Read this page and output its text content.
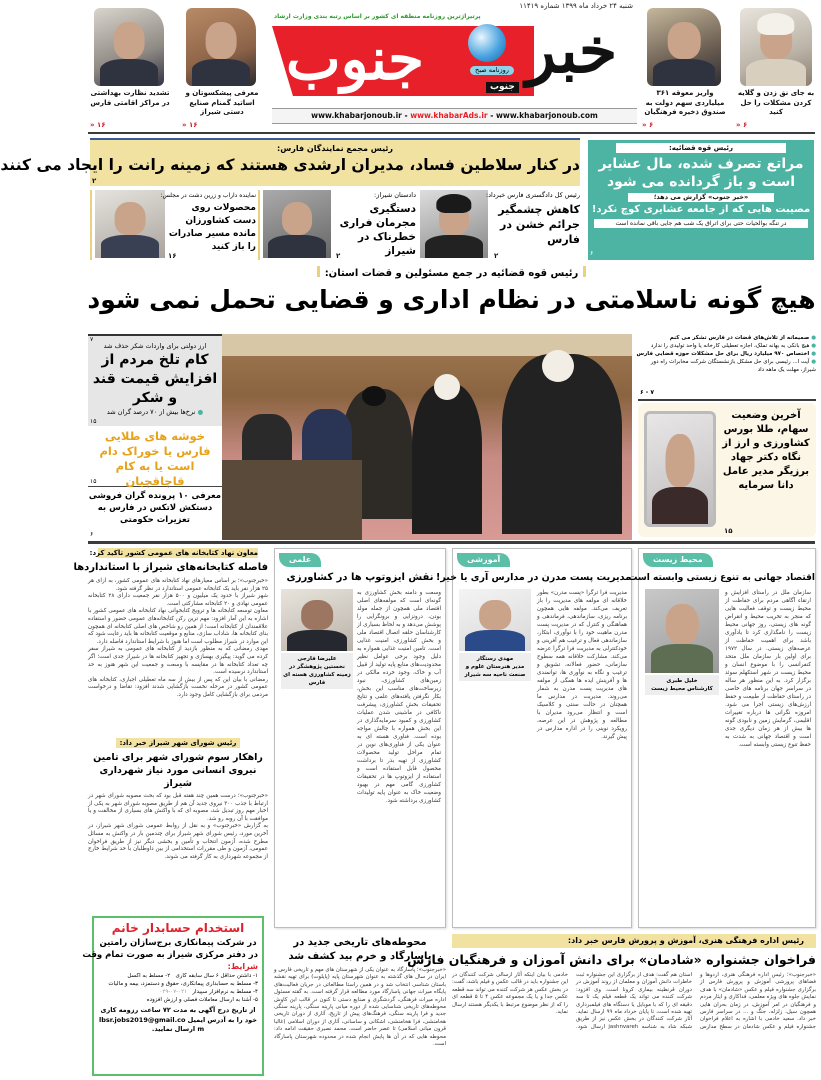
تشدید نظارت بهداشتی در مراکز اقامتی فارس
۱۶ «
معرفی پیشکسوتان و اساتید گمنام صنایع دستی شیراز
۱۶ «
واریز معوقه ۳۶۱ میلیاردی سهم دولت به صندوق ذخیره فرهنگیان
۶ «
به جای نق زدن و گلایه کردن مشکلات را حل کنید
۶ «
شنبه ۲۴ خرداد ماه ۱۳۹۹ شماره ۱۱۴۱۹
پرتیراژترین روزنامه منطقه ای کشور بر اساس رتبه بندی وزارت ارشاد
جنوب	روزنامه صبح خبر
جنوب
www.khabarjonoub.ir - www.khabarAds.ir - www.khabarjonoub.com
رئیس مجمع نمایندگان فارس:
در کنار سلاطین فساد، مدیران ارشدی هستند که زمینه رانت را ایجاد می کنند
۲
رئیس کل دادگستری فارس خبرداد:
کاهش چشمگیر جرائم خشن در فارس
۲
دادستان شیراز:
دستگیری مجرمان فراری خطرناک در شیراز
۲
نماینده داراب و زرین دشت در مجلس:
محصولات روی دست کشاورزان مانده مسیر صادرات را باز کنید
۱۶
رئیس قوه قضائیه:
مراتع تصرف شده، مال عشایر است و باز گردانده می شود
«خبر جنوب» گزارش می دهد؛
مصیبت هایی که از جامعه عشایری کوچ نکرد!
در تنگه بوالحیات حتی برای اتراق یک شب هم جایی باقی نمانده است
۶
رئیس قوه قضائیه در جمع مسئولین و قضات استان:
هیچ گونه ناسلامتی در نظام اداری و قضایی تحمل نمی شود
● صمیمانه از تلاش‌های قضات در فارس تشکر می کنم
● هیچ بانکی به بهانه تملک، اجازه تعطیلی کارخانه یا واحد تولیدی را ندارد
● اختصاص ۹۷۰ میلیارد ریال برای حل مشکلات حوزه قضایی فارس
● آیت ا... رئیسی برای حل مشکل بازنشستگان شرکت مخابرات راه دور شیراز، مهلت یک ماهه داد
۶ - ۷
آخرین وضعیت سهام، طلا بورس کشاورزی و ارز از نگاه دکتر جهاد برزیگر مدیر عامل دانا سرمایه
۱۵
۷
ارز دولتی برای واردات شکر حذف شد
کام تلخ مردم از افزایش قیمت قند و شکر
● نرخ‌ها بیش از ۷۰ درصد گران شد
۱۵
خوشه های طلایی فارس یا خوراک دام است یا به کام قاچاقچیان
۱۵
معرفی ۱۰ پرونده گران فروشی دستکش لاتکس در فارس به تعزیرات حکومتی
۶
معاون نهاد کتابخانه های عمومی کشور تاکید کرد:
فاصله کتابخانه‌های شیراز با استانداردها

«خبرجنوب»؛ بر اساس معیارهای نهاد کتابخانه های عمومی کشور، به ازای هر ۲۵ هزار نفر باید یک کتابخانه عمومی استاندارد در نظر گرفته شود.

شهر شیراز با حدود یک میلیون و ۵۰۰ هزار نفر جمعیت دارای ۲۸ کتابخانه عمومی نهادی و ۲۰ کتابخانه مشارکتی است.

معاون توسعه کتابخانه ها و ترویج کتابخوانی نهاد کتابخانه های عمومی کشور با اشاره به این آمار افزود: مهم ترین رکن کتابخانه‌های عمومی حضور و استفاده علاقمندان از کتابخانه است؛ از همین رو شاخص های اصلی کتابخانه ای همچون بنای کتابخانه ها، شاداب سازی، منابع و موقعیت کتابخانه ها باید رعایت شود که این موارد در شیراز مطلوب است اما هنوز با شرایط استاندارد فاصله دارد.

مهدی رمضانی که به منظور بازدید از کتابخانه های عمومی به شیراز سفر کرده می گوید: پیگیری بهسازی و تجهیز کتابخانه ها در شیراز جدی است؛ اگر چه تعداد کتابخانه ها در مقایسه با وسعت و جمعیت این شهر هنوز به حد استاندارد نرسیده است.

رمضانی با بیان این که پس از بیش از سه ماه تعطیلی اجباری، کتابخانه های عمومی کشور در مرحله نخست بازگشایی شدند افزود: تقاضا و درخواست مردمی برای بازگشایی کامل وجود دارد.

رئیس شورای شهر شیراز خبر داد:
راهکار سوم شورای شهر برای تامین نیروی انسانی مورد نیاز شهرداری شیراز

«خبرجنوب»؛ درست همین چند هفته قبل بود که بحث مصوبه شورای شهر در ارتباط با جذب ۳۰۰ نیروی جدید آن هم از طریق مصوبه شورای شهر به یکی از اخبار مهم روز تبدیل شد، مصوبه ای که با واکنش های بسیاری از مخالفت و یا موافقت با آن روبه رو شد.

به گزارش «خبرجنوب» و به نقل از روابط عمومی شورای شهر شیراز، در آخرین مورد، رئیس شورای شهر شیراز برای چندمین بار در واکنش به مسائل مطرح شده، آزمون انتخاب و تأمین و بخشی دیگر نیز از طریق فراخوان عمومی، آزمون و طی مقررات استخدامی از بین داوطلبان با حد شرایط خارج از مجموعه شهرداری به کار گرفته می شوند.

استخدام حسابدار خانم
در شرکت پیمانکاری برج‌سازان رامتین
در دفتر مرکزی شیراز به صورت تمام وقت
شرایط:
۱- داشتن حداقل ۶ سال سابقه کاری   ۲- مسلط به اکسل
۳- مسلط به حسابداری پیمانکاری، حقوق و دستمزد، بیمه و مالیات
۴- مسلط به نرم‌افزار سپیدار   ۰۲۱-۰۷-۰۲۹
۵- آشنا به ارسال معاملات فصلی و ارزش افزوده
از تاریخ درج آگهی به مدت ۷۲ ساعت رزومه کاری خود را به آدرس ایمیل lbsr.jobs2019@gmail.com ارسال نمایید.
علمی
نقش ایزوتوپ ها در کشاورزی
علیرضا فارجی
نخستین پژوهشگر در زمینه کشاورزی هسته ای فارس
وسعت و دامنه بخش کشاورزی به گونه‌ای است که مولفه‌های اصلی اقتصاد ملی همچون از جمله مولد بودن، درونزایی و برونگرایی را پوشش می‌دهد و به لحاظ بسیاری از کارشناسان حلقه اتصال اقتصاد ملی و بخش کشاورزی، امنیت غذایی است. تامین امنیت غذایی همواره به دلیل وجود برخی عوامل نظیر محدودیت‌های منابع پایه تولید از قبیل آب و خاک، وجود خرده مالکی در زمین‌های کشاورزی، نبود زیرساخت‌های مناسب این بخش، بکار نگرفتن یافته‌های علمی و نتایج تحقیقات بخش کشاورزی، پیشرفت ناکافی در ماشینی شدن عملیات کشاورزی و کمبود سرمایه‌گذاری در این بخش همواره با چالش مواجه بوده است. فناوری هسته ای به عنوان یکی از فناوری‌های نوین در تمام مراحل تولید محصولات کشاورزی از تهیه بذر تا برداشت محصول قابل استفاده است و استفاده از ایزوتوپ ها در تحقیقات کشاورزی گامی مهم در بهبود وضعیت خاک به عنوان پایه تولیدات کشاورزی برداشته شود.
آموزشی
مدیریت پست مدرن در مدارس آری یا خیر!
مهدی رستگار
مدیر هنرستان علوم و صنعت ناحیه سه شیراز
مدیریت فرا ترگرا «پست مدرن» بطور خلاقانه ای مولفه های مدیریت را باز تعریف می‌کند. مولفه هایی همچون برنامه ریزی، سازماندهی، فرماندهی و هماهنگی و کنترل که در مدیریت پست مدرن ماهیت خود را با نوآوری، ابتکار، سازماندهی فعال و ترغیب هم آفرینی و خودکنترلی به مدیریت فرا ترگرا عرضه می‌کند. مشارکت خلاقانه همه سطوح سازمانی، حضور فعالانه، تشویق و ترغیب و نگاه به نوآوری ها، توانمندی ها و آفرینش ایده ها همگی از مولفه های مدیریت پست مدرن به شمار می‌روند. مدیریت در مدارس ما همچنان در حالت سنتی و کلاسیک است و انتظار می‌رود مدیران با مطالعه و پژوهش در این عرصه، رویکرد نوینی را در اداره مدارس در پیش گیرند.
محیط زیست
اقتصاد جهانی به تنوع زیستی وابسته است
خلیل طبری
کارشناس محیط زیست
سازمان ملل در راستای افزایش و ارتقاء آگاهی مردم برای حفاظت از محیط زیست و توقف فعالیت هایی که منجر به تخریب محیط و انقراض گونه های زیستی، روز جهانی محیط زیست را نامگذاری کرد تا یادآوری باشد برای اهمیت حفاظت از عرصه‌های زیستی. در سال ۱۹۷۲ برای اولین بار سازمان ملل متحد کنفرانسی را با موضوع انسان و محیط زیست در شهر استکهلم سوئد برگزار کرد. به این منظور هر ساله در سراسر جهان برنامه های خاصی در راستای حفاظت از طبیعت و حفظ ارزش‌های زیستی اجرا می شود. امروزه نگرانی ها درباره تغییرات اقلیمی، گرمایش زمین و نابودی گونه ها بیش از هر زمان دیگری جدی است و اقتصاد جهانی به شدت به حفظ تنوع زیستی وابسته است.
محوطه‌های تاریخی جدید در پاسارگاد و خرم بید کشف شد
«خبرجنوب»؛ پاسارگاد به عنوان یکی از شهرستان های مهم و تاریخی فارس و ایران در سال های گذشته به عنوان شهرستان پایه (پایلوت) برای تهیه نقشه باستان شناسی انتخاب شد و در همین راستا مطالعاتی در جریان فعالیت‌های پایگاه میراث جهانی پاسارگاد مورد مطالعه قرار گرفته است. به گفته مسئول اداره میراث فرهنگی، گردشگری و صنایع دستی تا کنون در قالب این کاوش محوطه‌های تاریخی شناسایی شده از دوره میانی پارینه سنگی، پارینه سنگی جدید و فرا پارینه سنگی، فرهنگ‌های پیش از تاریخ، آثاری از دوران تاریخی هخامنشی، فرا هخامنشی، اشکانی و ساسانی، آثاری از دوران اسلامی (غالبا قرون میانی اسلامی) تا عصر حاضر است. محمد نصیری حقیقت ادامه داد: محوطه هایی که در آن ها پایش انجام شده در محدوده شهرستان پاسارگاد است.
رئیس اداره فرهنگی هنری، آموزش و پرورش فارس خبر داد:
فراخوان جشنواره «شادمان» برای دانش آموزان و فرهنگیان فارس
«خبرجنوب»؛ رئیس اداره فرهنگی هنری، اردوها و فضاهای پرورشی آموزش و پرورش فارس از برگزاری جشنواره فیلم و عکس «شادمان» با هدف نمایش جلوه های ویژه معلمی، فداکاری و ایثار مردم و فرهنگیان در امر آموزش، در زمان بحران هایی همچون سیل، زلزله، جنگ و ... در سراسر فارس خبر داد. سعید خادمی با اشاره به اعلام فراخوان جشنواره فیلم و عکس شادمان در سطح مدارس استان هم گفت: هدف از برگزاری این جشنواره ثبت خاطرات دانش آموزان و معلمان از روند آموزش در دوران قرنطینه بیماری کرونا است. وی افزود: شرکت کننده می تواند یک قطعه فیلم یک تا سه دقیقه ای را که با موبایل یا دستگاه های فیلمبرداری تهیه شده است، تا پایان خرداد ماه ۹۹ ارسال نماید. آثار شرکت کنندگان در بخش عکس نیز از طریق شبکه شاد به شناسه jashnvareh ارسال شود. خادمی با بیان اینکه آثار ارسالی شرکت کنندگان در این جشنواره باید در قالب عکس و فیلم باشد، گفت: در بخش عکس هر شرکت کننده می تواند سه قطعه عکس جدا و یا یک مجموعه عکس ۴ تا ۵ قطعه ای را که از نظر موضوع مرتبط با یکدیگر هستند ارسال نماید.
